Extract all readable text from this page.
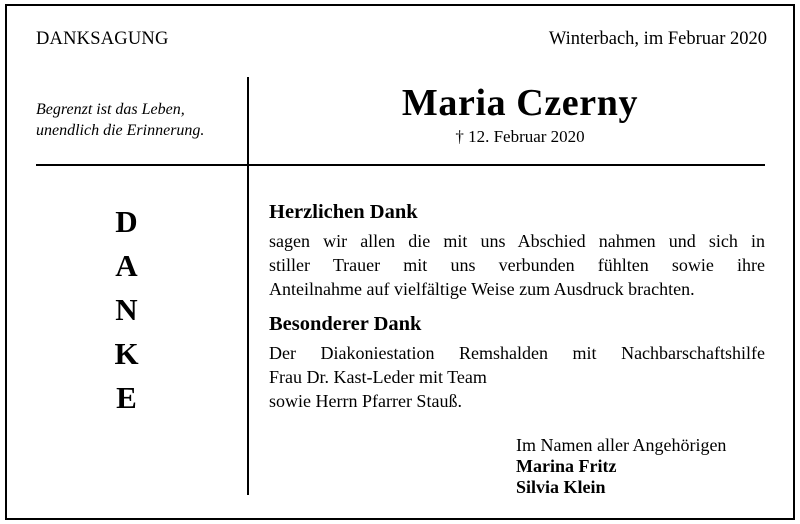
DANKSAGUNG	Winterbach, im Februar 2020
Begrenzt ist das Leben,
unendlich die Erinnerung.
Maria Czerny
† 12. Februar 2020
D
A
N
K
E
Herzlichen Dank
sagen wir allen die mit uns Abschied nahmen und sich in
stiller Trauer mit uns verbunden fühlten sowie ihre
Anteilnahme auf vielfältige Weise zum Ausdruck brachten.
Besonderer Dank
Der Diakoniestation Remshalden mit Nachbarschaftshilfe
Frau Dr. Kast-Leder mit Team
sowie Herrn Pfarrer Stauß.
Im Namen aller Angehörigen
Marina Fritz
Silvia Klein
